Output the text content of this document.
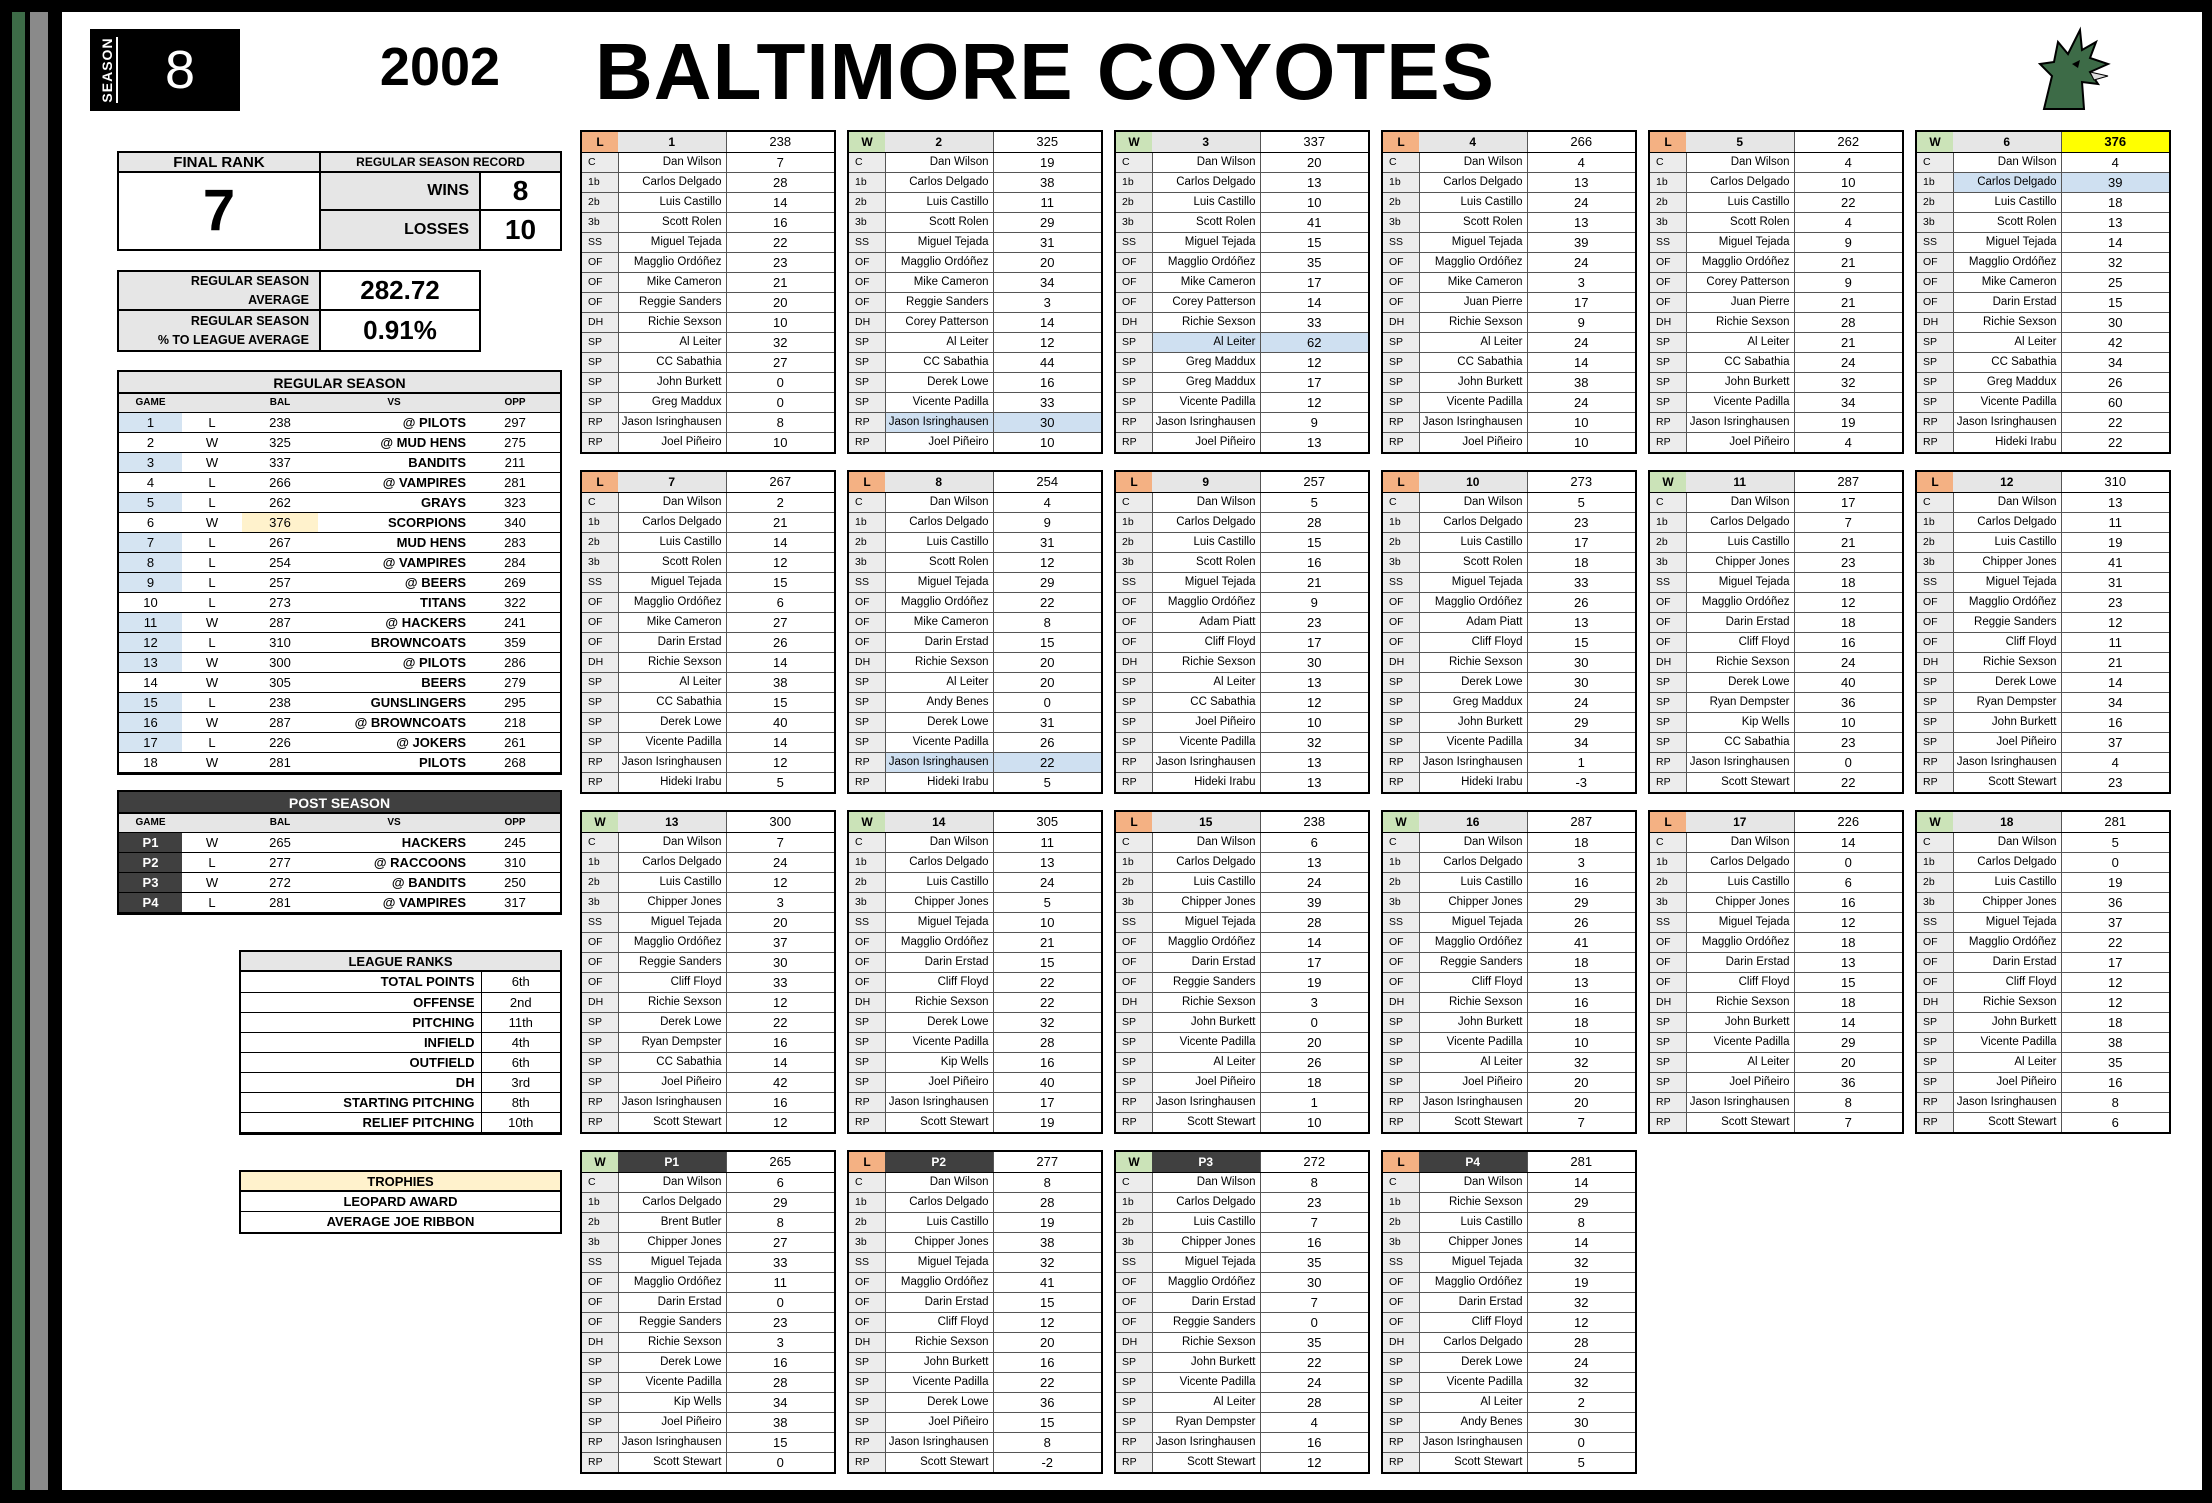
SEASON 8	2002	BALTIMORE COYOTES
FINAL RANK
7
REGULAR SEASON RECORD
WINS	8
LOSSES	10
REGULAR SEASON
AVERAGE	282.72
REGULAR SEASON
% TO LEAGUE AVERAGE	0.91%
REGULAR SEASON
GAME		BAL	VS	OPP
1	L	238	@ PILOTS	297
2	W	325	@ MUD HENS	275
3	W	337	BANDITS	211
4	L	266	@ VAMPIRES	281
5	L	262	GRAYS	323
6	W	376	SCORPIONS	340
7	L	267	MUD HENS	283
8	L	254	@ VAMPIRES	284
9	L	257	@ BEERS	269
10	L	273	TITANS	322
11	W	287	@ HACKERS	241
12	L	310	BROWNCOATS	359
13	W	300	@ PILOTS	286
14	W	305	BEERS	279
15	L	238	GUNSLINGERS	295
16	W	287	@ BROWNCOATS	218
17	L	226	@ JOKERS	261
18	W	281	PILOTS	268
POST SEASON
GAME		BAL	VS	OPP
P1	W	265	HACKERS	245
P2	L	277	@ RACCOONS	310
P3	W	272	@ BANDITS	250
P4	L	281	@ VAMPIRES	317
LEAGUE RANKS
TOTAL POINTS	6th
OFFENSE	2nd
PITCHING	11th
INFIELD	4th
OUTFIELD	6th
DH	3rd
STARTING PITCHING	8th
RELIEF PITCHING	10th
TROPHIES
LEOPARD AWARD
AVERAGE JOE RIBBON
L	1	238
C	Dan Wilson	7
1b	Carlos Delgado	28
2b	Luis Castillo	14
3b	Scott Rolen	16
SS	Miguel Tejada	22
OF	Magglio Ordóñez	23
OF	Mike Cameron	21
OF	Reggie Sanders	20
DH	Richie Sexson	10
SP	Al Leiter	32
SP	CC Sabathia	27
SP	John Burkett	0
SP	Greg Maddux	0
RP	Jason Isringhausen	8
RP	Joel Piñeiro	10
W	2	325
C	Dan Wilson	19
1b	Carlos Delgado	38
2b	Luis Castillo	11
3b	Scott Rolen	29
SS	Miguel Tejada	31
OF	Magglio Ordóñez	20
OF	Mike Cameron	34
OF	Reggie Sanders	3
DH	Corey Patterson	14
SP	Al Leiter	12
SP	CC Sabathia	44
SP	Derek Lowe	16
SP	Vicente Padilla	33
RP	Jason Isringhausen	30
RP	Joel Piñeiro	10
W	3	337
C	Dan Wilson	20
1b	Carlos Delgado	13
2b	Luis Castillo	10
3b	Scott Rolen	41
SS	Miguel Tejada	15
OF	Magglio Ordóñez	35
OF	Mike Cameron	17
OF	Corey Patterson	14
DH	Richie Sexson	33
SP	Al Leiter	62
SP	Greg Maddux	12
SP	Greg Maddux	17
SP	Vicente Padilla	12
RP	Jason Isringhausen	9
RP	Joel Piñeiro	13
L	4	266
C	Dan Wilson	4
1b	Carlos Delgado	13
2b	Luis Castillo	24
3b	Scott Rolen	13
SS	Miguel Tejada	39
OF	Magglio Ordóñez	24
OF	Mike Cameron	3
OF	Juan Pierre	17
DH	Richie Sexson	9
SP	Al Leiter	24
SP	CC Sabathia	14
SP	John Burkett	38
SP	Vicente Padilla	24
RP	Jason Isringhausen	10
RP	Joel Piñeiro	10
L	5	262
C	Dan Wilson	4
1b	Carlos Delgado	10
2b	Luis Castillo	22
3b	Scott Rolen	4
SS	Miguel Tejada	9
OF	Magglio Ordóñez	21
OF	Corey Patterson	9
OF	Juan Pierre	21
DH	Richie Sexson	28
SP	Al Leiter	21
SP	CC Sabathia	24
SP	John Burkett	32
SP	Vicente Padilla	34
RP	Jason Isringhausen	19
RP	Joel Piñeiro	4
W	6	376
C	Dan Wilson	4
1b	Carlos Delgado	39
2b	Luis Castillo	18
3b	Scott Rolen	13
SS	Miguel Tejada	14
OF	Magglio Ordóñez	32
OF	Mike Cameron	25
OF	Darin Erstad	15
DH	Richie Sexson	30
SP	Al Leiter	42
SP	CC Sabathia	34
SP	Greg Maddux	26
SP	Vicente Padilla	60
RP	Jason Isringhausen	22
RP	Hideki Irabu	22
L	7	267
C	Dan Wilson	2
1b	Carlos Delgado	21
2b	Luis Castillo	14
3b	Scott Rolen	12
SS	Miguel Tejada	15
OF	Magglio Ordóñez	6
OF	Mike Cameron	27
OF	Darin Erstad	26
DH	Richie Sexson	14
SP	Al Leiter	38
SP	CC Sabathia	15
SP	Derek Lowe	40
SP	Vicente Padilla	14
RP	Jason Isringhausen	12
RP	Hideki Irabu	5
L	8	254
C	Dan Wilson	4
1b	Carlos Delgado	9
2b	Luis Castillo	31
3b	Scott Rolen	12
SS	Miguel Tejada	29
OF	Magglio Ordóñez	22
OF	Mike Cameron	8
OF	Darin Erstad	15
DH	Richie Sexson	20
SP	Al Leiter	20
SP	Andy Benes	0
SP	Derek Lowe	31
SP	Vicente Padilla	26
RP	Jason Isringhausen	22
RP	Hideki Irabu	5
L	9	257
C	Dan Wilson	5
1b	Carlos Delgado	28
2b	Luis Castillo	15
3b	Scott Rolen	16
SS	Miguel Tejada	21
OF	Magglio Ordóñez	9
OF	Adam Piatt	23
OF	Cliff Floyd	17
DH	Richie Sexson	30
SP	Al Leiter	13
SP	CC Sabathia	12
SP	Joel Piñeiro	10
SP	Vicente Padilla	32
RP	Jason Isringhausen	13
RP	Hideki Irabu	13
L	10	273
C	Dan Wilson	5
1b	Carlos Delgado	23
2b	Luis Castillo	17
3b	Scott Rolen	18
SS	Miguel Tejada	33
OF	Magglio Ordóñez	26
OF	Adam Piatt	13
OF	Cliff Floyd	15
DH	Richie Sexson	30
SP	Derek Lowe	30
SP	Greg Maddux	24
SP	John Burkett	29
SP	Vicente Padilla	34
RP	Jason Isringhausen	1
RP	Hideki Irabu	-3
W	11	287
C	Dan Wilson	17
1b	Carlos Delgado	7
2b	Luis Castillo	21
3b	Chipper Jones	23
SS	Miguel Tejada	18
OF	Magglio Ordóñez	12
OF	Darin Erstad	18
OF	Cliff Floyd	16
DH	Richie Sexson	24
SP	Derek Lowe	40
SP	Ryan Dempster	36
SP	Kip Wells	10
SP	CC Sabathia	23
RP	Jason Isringhausen	0
RP	Scott Stewart	22
L	12	310
C	Dan Wilson	13
1b	Carlos Delgado	11
2b	Luis Castillo	19
3b	Chipper Jones	41
SS	Miguel Tejada	31
OF	Magglio Ordóñez	23
OF	Reggie Sanders	12
OF	Cliff Floyd	11
DH	Richie Sexson	21
SP	Derek Lowe	14
SP	Ryan Dempster	34
SP	John Burkett	16
SP	Joel Piñeiro	37
RP	Jason Isringhausen	4
RP	Scott Stewart	23
W	13	300
C	Dan Wilson	7
1b	Carlos Delgado	24
2b	Luis Castillo	12
3b	Chipper Jones	3
SS	Miguel Tejada	20
OF	Magglio Ordóñez	37
OF	Reggie Sanders	30
OF	Cliff Floyd	33
DH	Richie Sexson	12
SP	Derek Lowe	22
SP	Ryan Dempster	16
SP	CC Sabathia	14
SP	Joel Piñeiro	42
RP	Jason Isringhausen	16
RP	Scott Stewart	12
W	14	305
C	Dan Wilson	11
1b	Carlos Delgado	13
2b	Luis Castillo	24
3b	Chipper Jones	5
SS	Miguel Tejada	10
OF	Magglio Ordóñez	21
OF	Darin Erstad	15
OF	Cliff Floyd	22
DH	Richie Sexson	22
SP	Derek Lowe	32
SP	Vicente Padilla	28
SP	Kip Wells	16
SP	Joel Piñeiro	40
RP	Jason Isringhausen	17
RP	Scott Stewart	19
L	15	238
C	Dan Wilson	6
1b	Carlos Delgado	13
2b	Luis Castillo	24
3b	Chipper Jones	39
SS	Miguel Tejada	28
OF	Magglio Ordóñez	14
OF	Darin Erstad	17
OF	Reggie Sanders	19
DH	Richie Sexson	3
SP	John Burkett	0
SP	Vicente Padilla	20
SP	Al Leiter	26
SP	Joel Piñeiro	18
RP	Jason Isringhausen	1
RP	Scott Stewart	10
W	16	287
C	Dan Wilson	18
1b	Carlos Delgado	3
2b	Luis Castillo	16
3b	Chipper Jones	29
SS	Miguel Tejada	26
OF	Magglio Ordóñez	41
OF	Reggie Sanders	18
OF	Cliff Floyd	13
DH	Richie Sexson	16
SP	John Burkett	18
SP	Vicente Padilla	10
SP	Al Leiter	32
SP	Joel Piñeiro	20
RP	Jason Isringhausen	20
RP	Scott Stewart	7
L	17	226
C	Dan Wilson	14
1b	Carlos Delgado	0
2b	Luis Castillo	6
3b	Chipper Jones	16
SS	Miguel Tejada	12
OF	Magglio Ordóñez	18
OF	Darin Erstad	13
OF	Cliff Floyd	15
DH	Richie Sexson	18
SP	John Burkett	14
SP	Vicente Padilla	29
SP	Al Leiter	20
SP	Joel Piñeiro	36
RP	Jason Isringhausen	8
RP	Scott Stewart	7
W	18	281
C	Dan Wilson	5
1b	Carlos Delgado	0
2b	Luis Castillo	19
3b	Chipper Jones	36
SS	Miguel Tejada	37
OF	Magglio Ordóñez	22
OF	Darin Erstad	17
OF	Cliff Floyd	12
DH	Richie Sexson	12
SP	John Burkett	18
SP	Vicente Padilla	38
SP	Al Leiter	35
SP	Joel Piñeiro	16
RP	Jason Isringhausen	8
RP	Scott Stewart	6
W	P1	265
C	Dan Wilson	6
1b	Carlos Delgado	29
2b	Brent Butler	8
3b	Chipper Jones	27
SS	Miguel Tejada	33
OF	Magglio Ordóñez	11
OF	Darin Erstad	0
OF	Reggie Sanders	23
DH	Richie Sexson	3
SP	Derek Lowe	16
SP	Vicente Padilla	28
SP	Kip Wells	34
SP	Joel Piñeiro	38
RP	Jason Isringhausen	15
RP	Scott Stewart	0
L	P2	277
C	Dan Wilson	8
1b	Carlos Delgado	28
2b	Luis Castillo	19
3b	Chipper Jones	38
SS	Miguel Tejada	32
OF	Magglio Ordóñez	41
OF	Darin Erstad	15
OF	Cliff Floyd	12
DH	Richie Sexson	20
SP	John Burkett	16
SP	Vicente Padilla	22
SP	Derek Lowe	36
SP	Joel Piñeiro	15
RP	Jason Isringhausen	8
RP	Scott Stewart	-2
W	P3	272
C	Dan Wilson	8
1b	Carlos Delgado	23
2b	Luis Castillo	7
3b	Chipper Jones	16
SS	Miguel Tejada	35
OF	Magglio Ordóñez	30
OF	Darin Erstad	7
OF	Reggie Sanders	0
DH	Richie Sexson	35
SP	John Burkett	22
SP	Vicente Padilla	24
SP	Al Leiter	28
SP	Ryan Dempster	4
RP	Jason Isringhausen	16
RP	Scott Stewart	12
L	P4	281
C	Dan Wilson	14
1b	Richie Sexson	29
2b	Luis Castillo	8
3b	Chipper Jones	14
SS	Miguel Tejada	32
OF	Magglio Ordóñez	19
OF	Darin Erstad	32
OF	Cliff Floyd	12
DH	Carlos Delgado	28
SP	Derek Lowe	24
SP	Vicente Padilla	32
SP	Al Leiter	2
SP	Andy Benes	30
RP	Jason Isringhausen	0
RP	Scott Stewart	5
